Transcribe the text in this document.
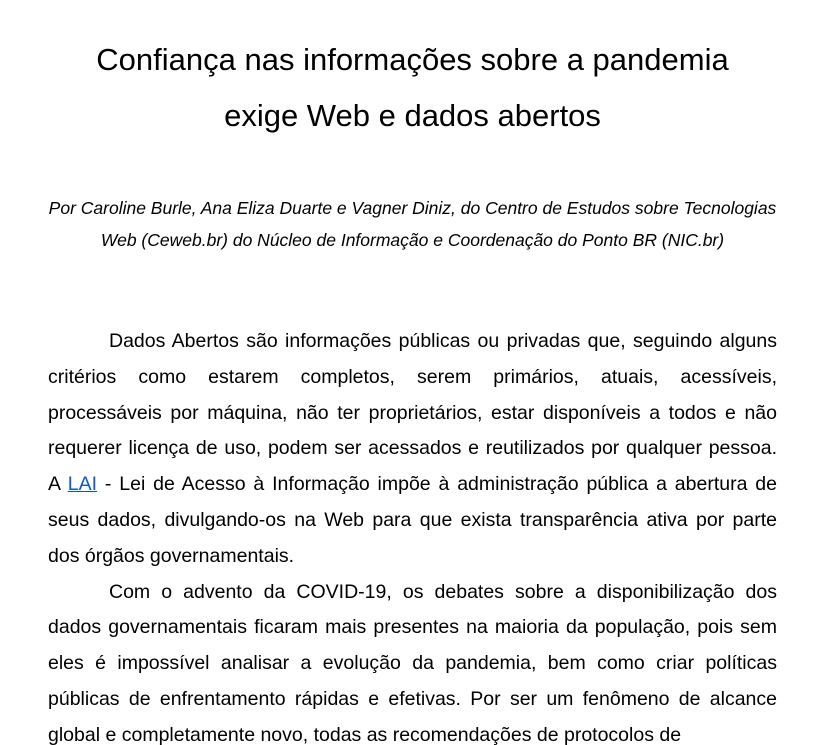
Confiança nas informações sobre a pandemia
exige Web e dados abertos

Por Caroline Burle, Ana Eliza Duarte e Vagner Diniz, do Centro de Estudos sobre Tecnologias Web (Ceweb.br) do Núcleo de Informação e Coordenação do Ponto BR (NIC.br)

Dados Abertos são informações públicas ou privadas que, seguindo alguns critérios como estarem completos, serem primários, atuais, acessíveis, processáveis por máquina, não ter proprietários, estar disponíveis a todos e não requerer licença de uso, podem ser acessados e reutilizados por qualquer pessoa. A LAI - Lei de Acesso à Informação impõe à administração pública a abertura de seus dados, divulgando-os na Web para que exista transparência ativa por parte dos órgãos governamentais.

Com o advento da COVID-19, os debates sobre a disponibilização dos dados governamentais ficaram mais presentes na maioria da população, pois sem eles é impossível analisar a evolução da pandemia, bem como criar políticas públicas de enfrentamento rápidas e efetivas. Por ser um fenômeno de alcance global e completamente novo, todas as recomendações de protocolos de
